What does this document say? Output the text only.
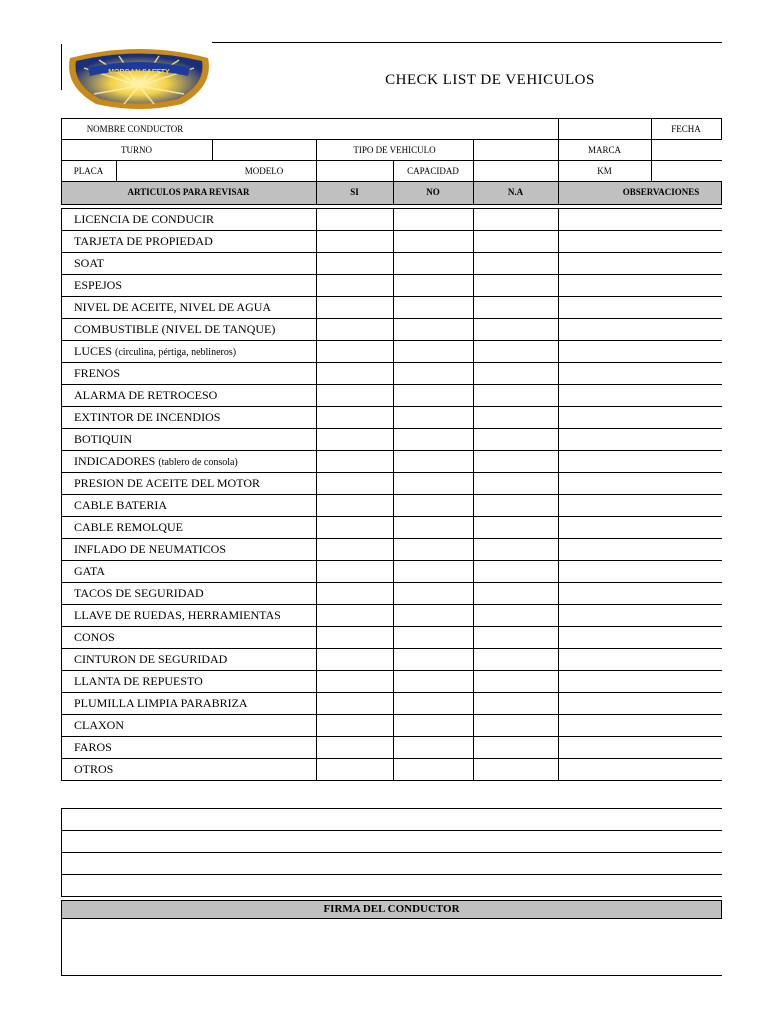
MORGAN SAFETY	CHECK LIST DE VEHICULOS
NOMBRE CONDUCTOR	FECHA
TURNO	TIPO DE VEHICULO	MARCA
PLACA	MODELO	CAPACIDAD	KM
ARTICULOS PARA REVISAR	SI	NO	N.A	OBSERVACIONES
LICENCIA DE CONDUCIR
TARJETA DE PROPIEDAD
SOAT
ESPEJOS
NIVEL DE ACEITE, NIVEL DE AGUA
COMBUSTIBLE (NIVEL DE TANQUE)
LUCES (circulina, pértiga, neblineros)
FRENOS
ALARMA DE RETROCESO
EXTINTOR DE INCENDIOS
BOTIQUIN
INDICADORES (tablero de consola)
PRESION DE ACEITE DEL MOTOR
CABLE BATERIA
CABLE REMOLQUE
INFLADO DE NEUMATICOS
GATA
TACOS DE SEGURIDAD
LLAVE DE RUEDAS, HERRAMIENTAS
CONOS
CINTURON DE SEGURIDAD
LLANTA DE REPUESTO
PLUMILLA LIMPIA PARABRIZA
CLAXON
FAROS
OTROS
FIRMA DEL CONDUCTOR
